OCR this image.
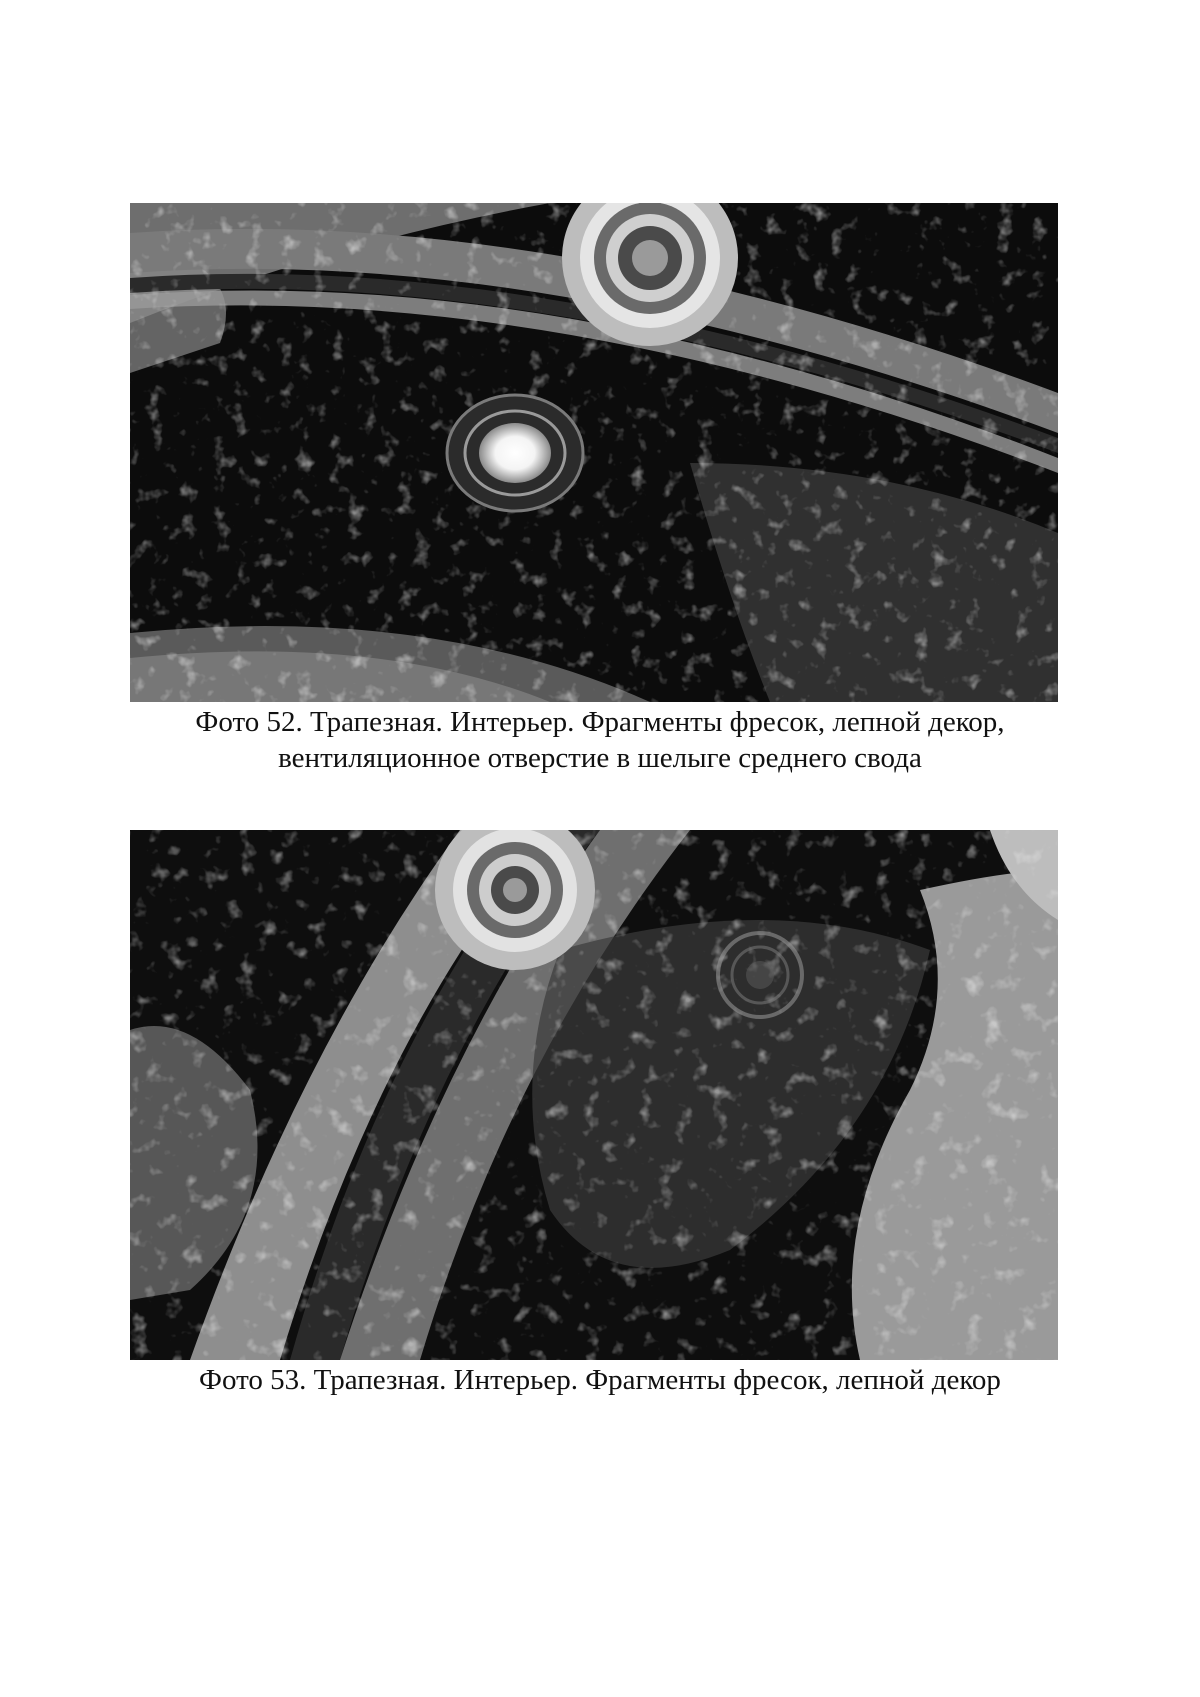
Фото 52. Трапезная. Интерьер. Фрагменты фресок, лепной декор,
вентиляционное отверстие в шелыге среднего свода

Фото 53. Трапезная. Интерьер. Фрагменты фресок, лепной декор
